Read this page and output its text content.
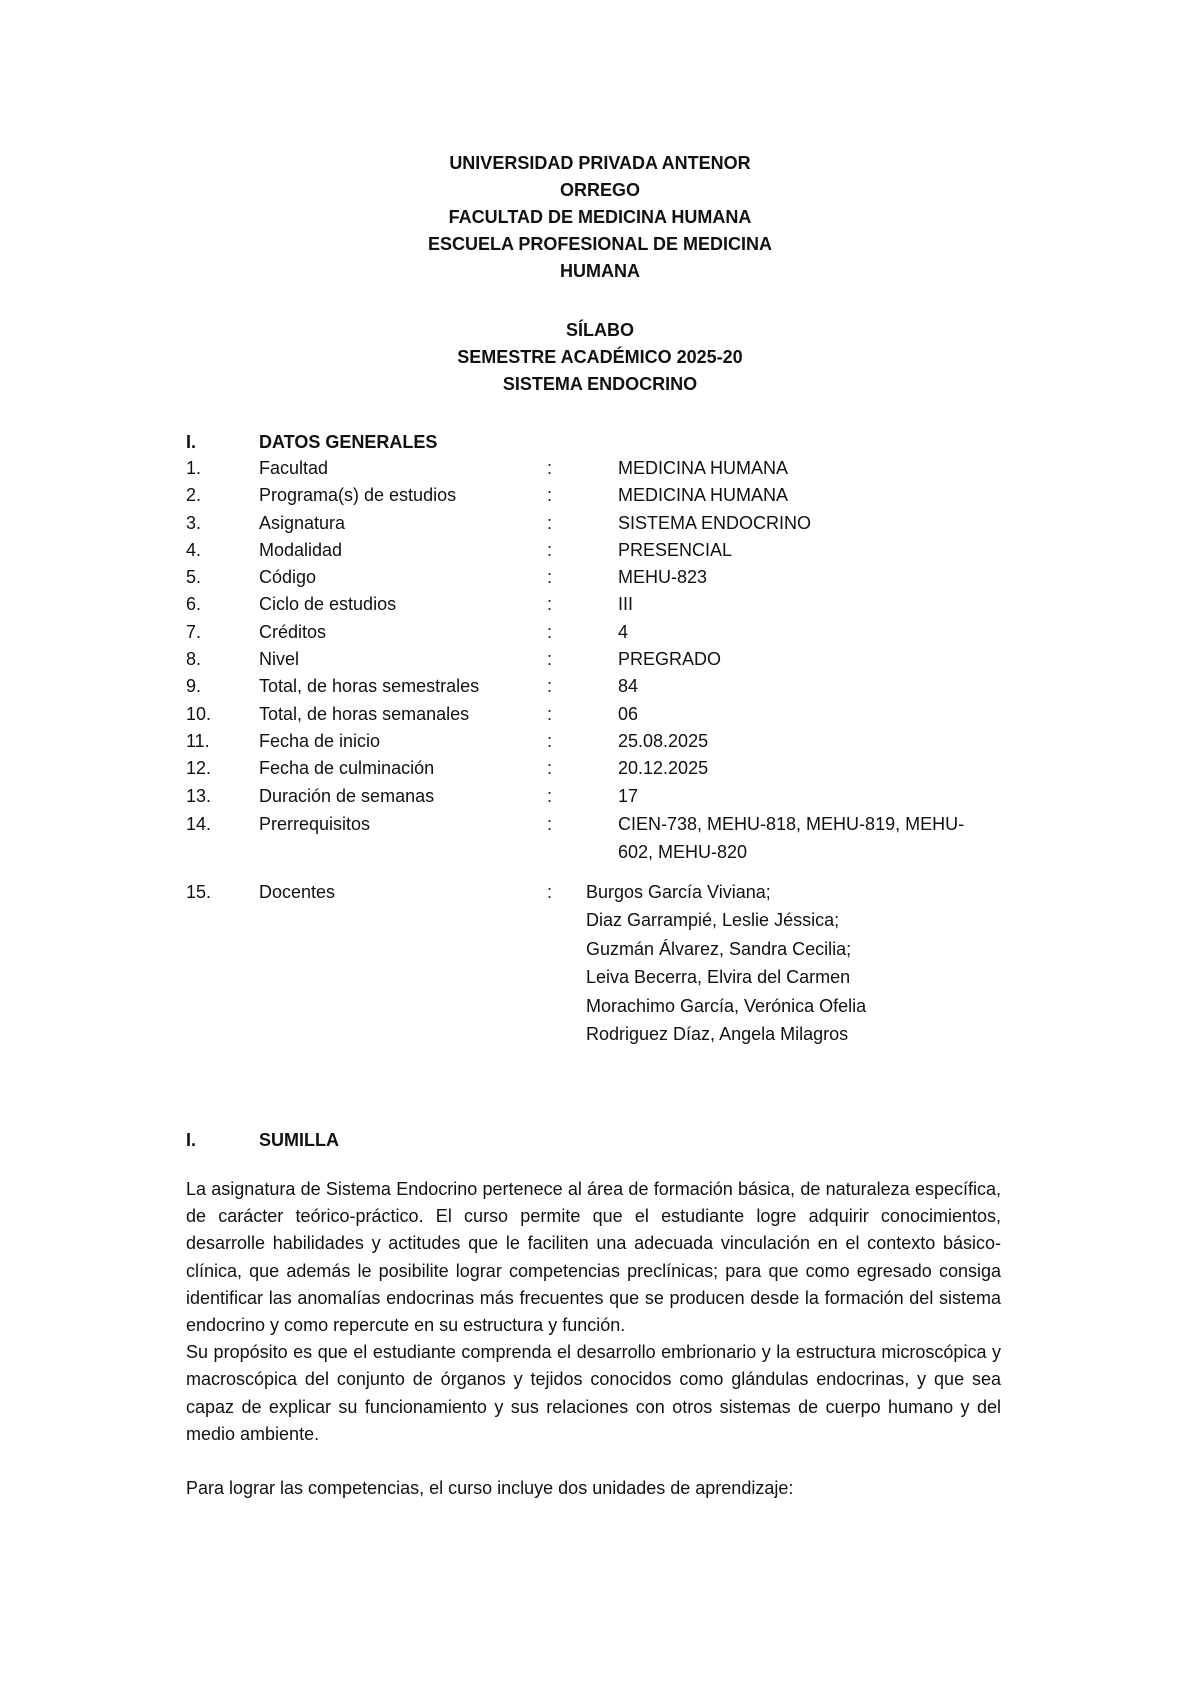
UNIVERSIDAD PRIVADA ANTENOR
ORREGO
FACULTAD DE MEDICINA HUMANA
ESCUELA PROFESIONAL DE MEDICINA
HUMANA
SÍLABO
SEMESTRE ACADÉMICO 2025-20
SISTEMA ENDOCRINO
I.	DATOS GENERALES
1.	Facultad	:	MEDICINA HUMANA
2.	Programa(s) de estudios	:	MEDICINA HUMANA
3.	Asignatura	:	SISTEMA ENDOCRINO
4.	Modalidad	:	PRESENCIAL
5.	Código	:	MEHU-823
6.	Ciclo de estudios	:	III
7.	Créditos	:	4
8.	Nivel	:	PREGRADO
9.	Total, de horas semestrales	:	84
10.	Total, de horas semanales	:	06
11.	Fecha de inicio	:	25.08.2025
12.	Fecha de culminación	:	20.12.2025
13.	Duración de semanas	:	17
14.	Prerrequisitos	:	CIEN-738, MEHU-818, MEHU-819, MEHU-602, MEHU-820
15.	Docentes	: Burgos García Viviana;
Diaz Garrampié, Leslie Jéssica;
Guzmán Álvarez, Sandra Cecilia;
Leiva Becerra, Elvira del Carmen
Morachimo García, Verónica Ofelia
Rodriguez Díaz, Angela Milagros
I.	SUMILLA

La asignatura de Sistema Endocrino pertenece al área de formación básica, de naturaleza específica, de carácter teórico-práctico. El curso permite que el estudiante logre adquirir conocimientos, desarrolle habilidades y actitudes que le faciliten una adecuada vinculación en el contexto básico-clínica, que además le posibilite lograr competencias preclínicas; para que como egresado consiga identificar las anomalías endocrinas más frecuentes que se producen desde la formación del sistema endocrino y como repercute en su estructura y función.

Su propósito es que el estudiante comprenda el desarrollo embrionario y la estructura microscópica y macroscópica del conjunto de órganos y tejidos conocidos como glándulas endocrinas, y que sea capaz de explicar su funcionamiento y sus relaciones con otros sistemas de cuerpo humano y del medio ambiente.

Para lograr las competencias, el curso incluye dos unidades de aprendizaje:
